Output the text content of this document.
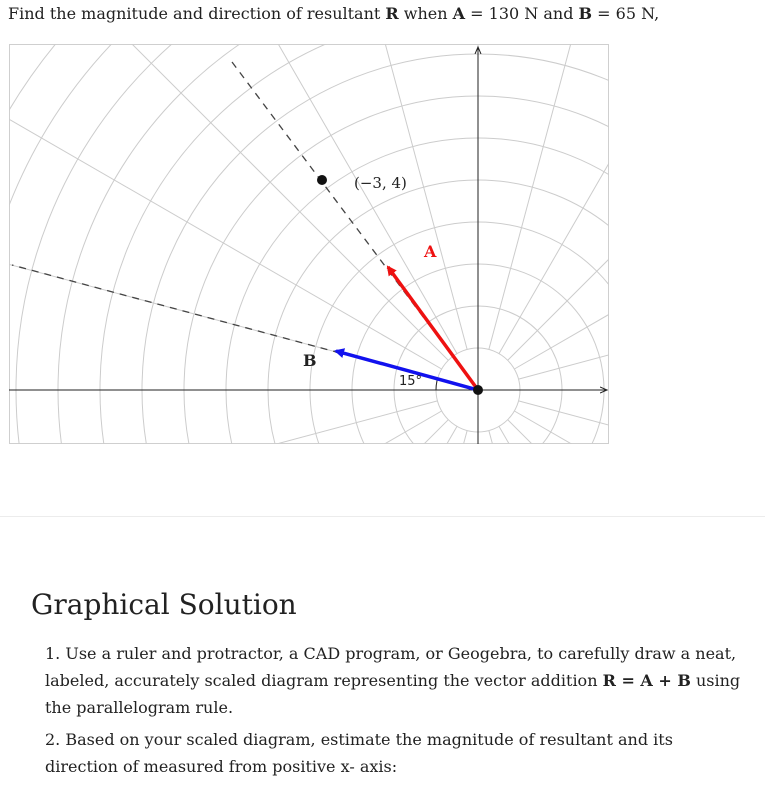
Find the magnitude and direction of resultant R when A = 130 N and B = 65 N,
(−3, 4)
A
B
15°
Graphical Solution
1. Use a ruler and protractor, a CAD program, or Geogebra, to carefully draw a neat, labeled, accurately scaled diagram representing the vector addition R = A + B using the parallelogram rule.
2. Based on your scaled diagram, estimate the magnitude of resultant and its direction of measured from positive x- axis:
